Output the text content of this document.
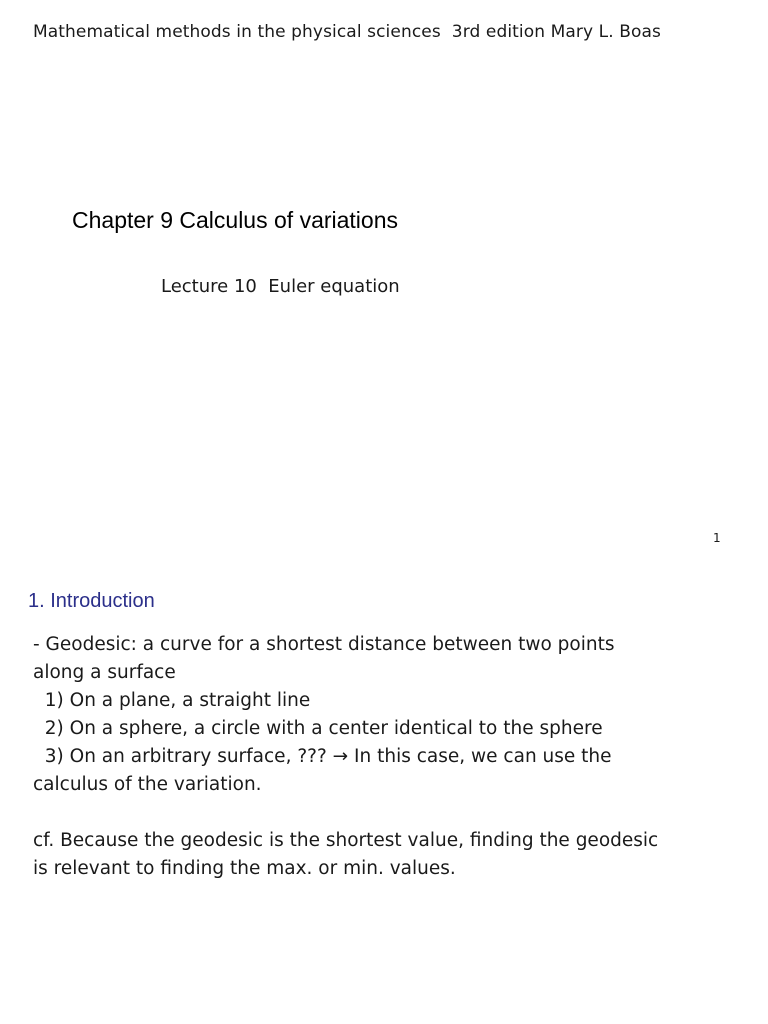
Mathematical methods in the physical sciences  3rd edition Mary L. Boas
Chapter 9 Calculus of variations
Lecture 10  Euler equation
1
1. Introduction
- Geodesic: a curve for a shortest distance between two points
along a surface
1) On a plane, a straight line
2) On a sphere, a circle with a center identical to the sphere
3) On an arbitrary surface, ??? → In this case, we can use the
calculus of the variation.
cf. Because the geodesic is the shortest value, finding the geodesic
is relevant to finding the max. or min. values.
